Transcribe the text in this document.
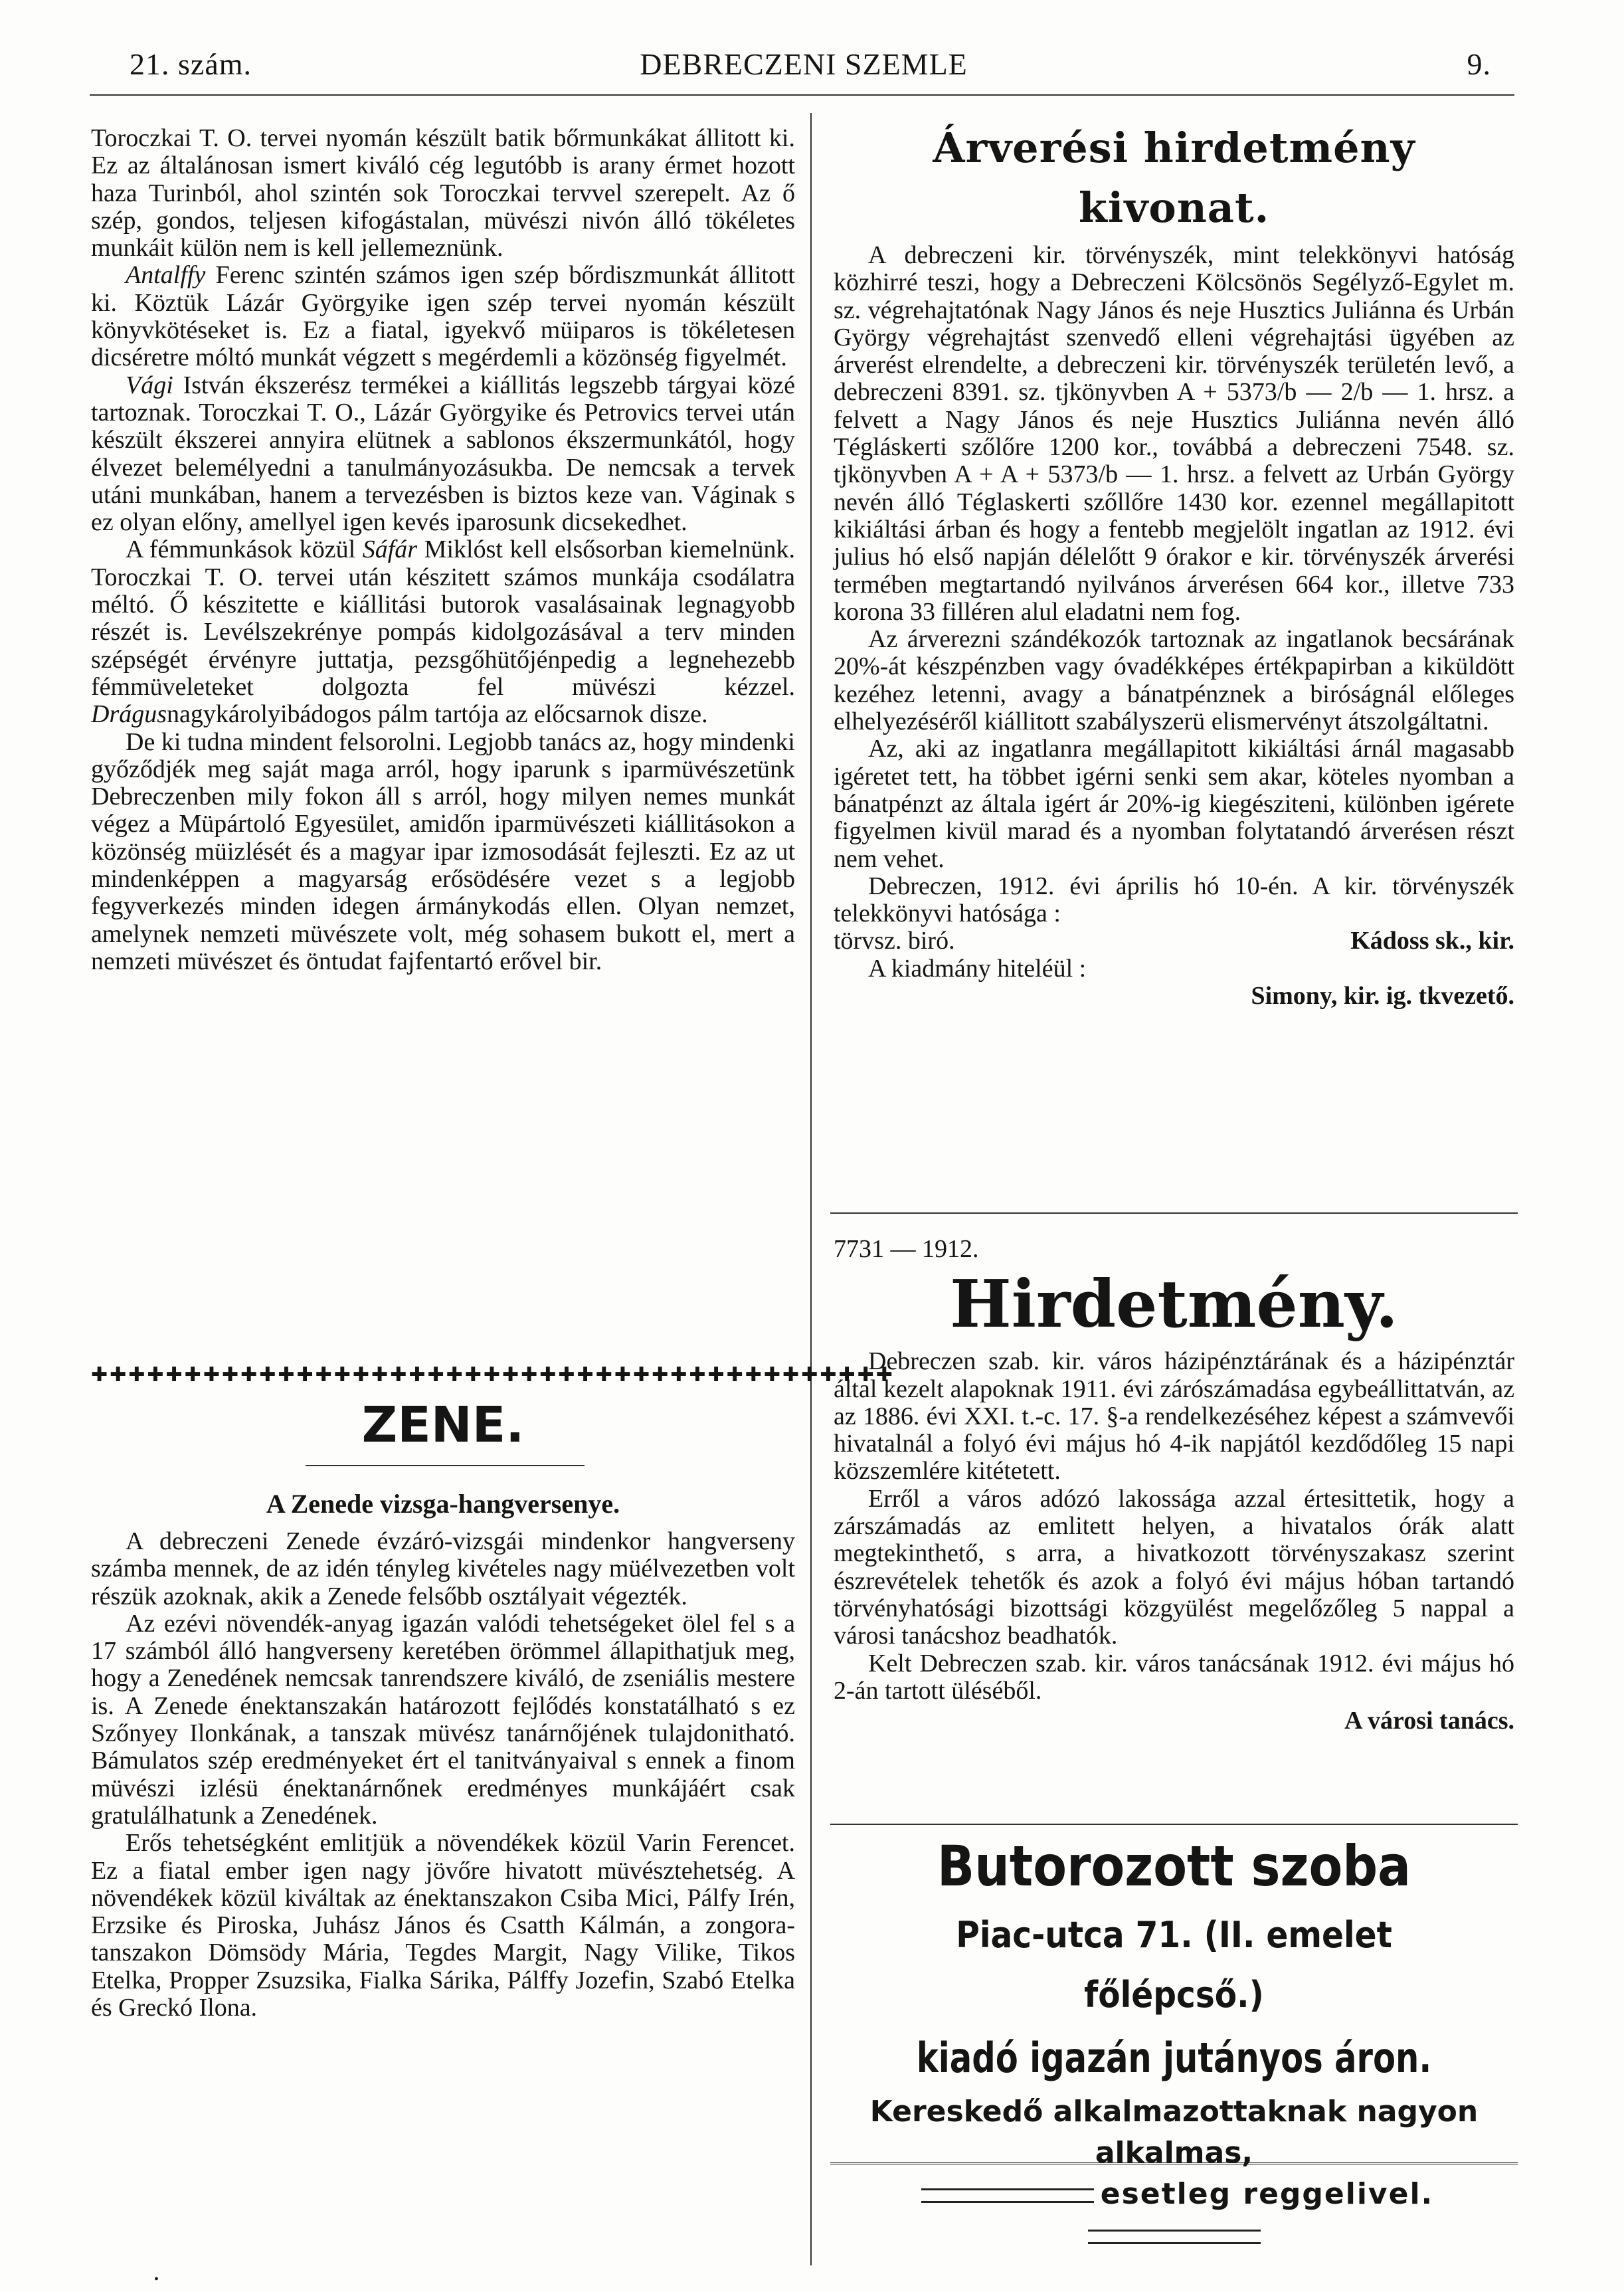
21. szám.	DEBRECZENI SZEMLE	9.

Toroczkai T. O. tervei nyomán készült batik bőrmunkákat állitott ki. Ez az általánosan ismert kiváló cég legutóbb is arany érmet hozott haza Turinból, ahol szintén sok Toroczkai tervvel szerepelt. Az ő szép, gondos, teljesen kifogástalan, müvészi nivón álló tökéletes munkáit külön nem is kell jellemeznünk.

Antalffy Ferenc szintén számos igen szép bőrdiszmunkát állitott ki. Köztük Lázár Györgyike igen szép tervei nyomán készült könyvkötéseket is. Ez a fiatal, igyekvő müiparos is tökéletesen dicséretre móltó munkát végzett s megérdemli a közönség figyelmét.

Vági István ékszerész termékei a kiállitás legszebb tárgyai közé tartoznak. Toroczkai T. O., Lázár Györgyike és Petrovics tervei után készült ékszerei annyira elütnek a sablonos ékszermunkától, hogy élvezet belemélyedni a tanulmányozásukba. De nemcsak a tervek utáni munkában, hanem a tervezésben is biztos keze van. Váginak s ez olyan előny, amellyel igen kevés iparosunk dicsekedhet.

A fémmunkások közül Sáfár Miklóst kell elsősorban kiemelnünk. Toroczkai T. O. tervei után készitett számos munkája csodálatra méltó. Ő készitette e kiállitási butorok vasalásainak legnagyobb részét is. Levélszekrénye pompás kidolgozásával a terv minden szépségét érvényre juttatja, pezsgőhütőjénpedig a legnehezebb fémmüveleteket dolgozta fel müvészi kézzel. Drágusnagykárolyibádogos pálm tartója az előcsarnok disze.

De ki tudna mindent felsorolni. Legjobb tanács az, hogy mindenki győződjék meg saját maga arról, hogy iparunk s iparmüvészetünk Debreczenben mily fokon áll s arról, hogy milyen nemes munkát végez a Müpártoló Egyesület, amidőn iparmüvészeti kiállitásokon a közönség müizlését és a magyar ipar izmosodását fejleszti. Ez az ut mindenképpen a magyarság erősödésére vezet s a legjobb fegyverkezés minden idegen ármánykodás ellen. Olyan nemzet, amelynek nemzeti müvészete volt, még sohasem bukott el, mert a nemzeti müvészet és öntudat fajfentartó erővel bir.

✚✚✚✚✚✚✚✚✚✚✚✚✚✚✚✚✚✚✚✚✚✚✚✚✚✚✚✚✚✚✚✚✚✚✚✚✚✚✚✚✚✚✚
ZENE.
A Zenede vizsga-hangversenye.

A debreczeni Zenede évzáró-vizsgái mindenkor hangverseny számba mennek, de az idén tényleg kivételes nagy müélvezetben volt részük azoknak, akik a Zenede felsőbb osztályait végezték.

Az ezévi növendék-anyag igazán valódi tehetségeket ölel fel s a 17 számból álló hangverseny keretében örömmel állapithatjuk meg, hogy a Zenedének nemcsak tanrendszere kiváló, de zseniális mestere is. A Zenede énektanszakán határozott fejlődés konstatálható s ez Szőnyey Ilonkának, a tanszak müvész tanárnőjének tulajdonitható. Bámulatos szép eredményeket ért el tanitványaival s ennek a finom müvészi izlésü énektanárnőnek eredményes munkájáért csak gratulálhatunk a Zenedének.

Erős tehetségként emlitjük a növendékek közül Varin Ferencet. Ez a fiatal ember igen nagy jövőre hivatott müvésztehetség. A növendékek közül kiváltak az énektanszakon Csiba Mici, Pálfy Irén, Erzsike és Piroska, Juhász János és Csatth Kálmán, a zongora-tanszakon Dömsödy Mária, Tegdes Margit, Nagy Vilike, Tikos Etelka, Propper Zsuzsika, Fialka Sárika, Pálffy Jozefin, Szabó Etelka és Greckó Ilona.

Árverési hirdetmény kivonat.

A debreczeni kir. törvényszék, mint telekkönyvi hatóság közhirré teszi, hogy a Debreczeni Kölcsönös Segélyző-Egylet m. sz. végrehajtatónak Nagy János és neje Husztics Juliánna és Urbán György végrehajtást szenvedő elleni végrehajtási ügyében az árverést elrendelte, a debreczeni kir. törvényszék területén levő, a debreczeni 8391. sz. tjkönyvben A + 5373/b — 2/b — 1. hrsz. a felvett a Nagy János és neje Husztics Juliánna nevén álló Tégláskerti szőlőre 1200 kor., továbbá a debreczeni 7548. sz. tjkönyvben A + A + 5373/b — 1. hrsz. a felvett az Urbán György nevén álló Téglaskerti szőllőre 1430 kor. ezennel megállapitott kikiáltási árban és hogy a fentebb megjelölt ingatlan az 1912. évi julius hó első napján délelőtt 9 órakor e kir. törvényszék árverési termében megtartandó nyilvános árverésen 664 kor., illetve 733 korona 33 filléren alul eladatni nem fog.

Az árverezni szándékozók tartoznak az ingatlanok becsárának 20%-át készpénzben vagy óvadékképes értékpapirban a kiküldött kezéhez letenni, avagy a bánatpénznek a biróságnál előleges elhelyezéséről kiállitott szabályszerü elismervényt átszolgáltatni.

Az, aki az ingatlanra megállapitott kikiáltási árnál magasabb igéretet tett, ha többet igérni senki sem akar, köteles nyomban a bánatpénzt az általa igért ár 20%-ig kiegésziteni, különben igérete figyelmen kivül marad és a nyomban folytatandó árverésen részt nem vehet.

Debreczen, 1912. évi április hó 10-én. A kir. törvényszék telekkönyvi hatósága :

törvsz. biró.	Kádoss sk., kir.

A kiadmány hiteléül :

Simony, kir. ig. tkvezető.
7731 — 1912.
Hirdetmény.

Debreczen szab. kir. város házipénztárának és a házipénztár által kezelt alapoknak 1911. évi zárószámadása egybeállittatván, az az 1886. évi XXI. t.-c. 17. §-a rendelkezéséhez képest a számvevői hivatalnál a folyó évi május hó 4-ik napjától kezdődőleg 15 napi közszemlére kitétetett.

Erről a város adózó lakossága azzal értesittetik, hogy a zárszámadás az emlitett helyen, a hivatalos órák alatt megtekinthető, s arra, a hivatkozott törvényszakasz szerint észrevételek tehetők és azok a folyó évi május hóban tartandó törvényhatósági bizottsági közgyülést megelőzőleg 5 nappal a városi tanácshoz beadhatók.

Kelt Debreczen szab. kir. város tanácsának 1912. évi május hó 2-án tartott üléséből.

A városi tanács.
Butorozott szoba
Piac-utca 71. (II. emelet főlépcső.)
kiadó igazán jutányos áron.
Kereskedő alkalmazottaknak nagyon alkalmas,
esetleg reggelivel.
•
